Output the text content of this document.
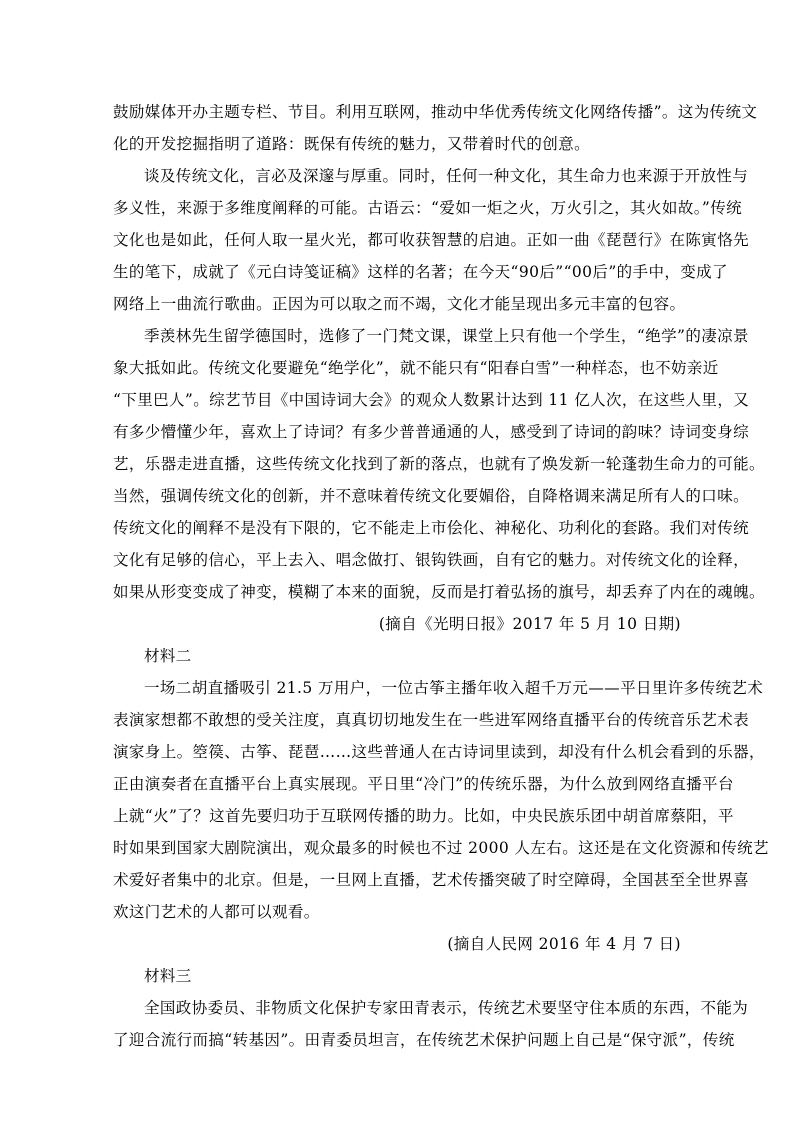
鼓励媒体开办主题专栏、节目。利用互联网，推动中华优秀传统文化网络传播”。这为传统文
化的开发挖掘指明了道路：既保有传统的魅力，又带着时代的创意。
谈及传统文化，言必及深邃与厚重。同时，任何一种文化，其生命力也来源于开放性与
多义性，来源于多维度阐释的可能。古语云：“爱如一炬之火，万火引之，其火如故。”传统
文化也是如此，任何人取一星火光，都可收获智慧的启迪。正如一曲《琵琶行》在陈寅恪先
生的笔下，成就了《元白诗笺证稿》这样的名著；在今天“90后”“00后”的手中，变成了
网络上一曲流行歌曲。正因为可以取之而不竭，文化才能呈现出多元丰富的包容。
季羡林先生留学德国时，选修了一门梵文课，课堂上只有他一个学生，“绝学”的凄凉景
象大抵如此。传统文化要避免“绝学化”，就不能只有“阳春白雪”一种样态，也不妨亲近
“下里巴人”。综艺节目《中国诗词大会》的观众人数累计达到 11 亿人次，在这些人里，又
有多少懵懂少年，喜欢上了诗词？有多少普普通通的人，感受到了诗词的韵味？诗词变身综
艺，乐器走进直播，这些传统文化找到了新的落点，也就有了焕发新一轮蓬勃生命力的可能。
当然，强调传统文化的创新，并不意味着传统文化要媚俗，自降格调来满足所有人的口味。
传统文化的阐释不是没有下限的，它不能走上市侩化、神秘化、功利化的套路。我们对传统
文化有足够的信心，平上去入、唱念做打、银钩铁画，自有它的魅力。对传统文化的诠释，
如果从形变变成了神变，模糊了本来的面貌，反而是打着弘扬的旗号，却丢弃了内在的魂魄。
(摘自《光明日报》2017 年 5 月 10 日期)
材料二
一场二胡直播吸引 21.5 万用户，一位古筝主播年收入超千万元——平日里许多传统艺术
表演家想都不敢想的受关注度，真真切切地发生在一些进军网络直播平台的传统音乐艺术表
演家身上。箜篌、古筝、琵琶……这些普通人在古诗词里读到，却没有什么机会看到的乐器，
正由演奏者在直播平台上真实展现。平日里“冷门”的传统乐器，为什么放到网络直播平台
上就“火”了？这首先要归功于互联网传播的助力。比如，中央民族乐团中胡首席蔡阳，平
时如果到国家大剧院演出，观众最多的时候也不过 2000 人左右。这还是在文化资源和传统艺
术爱好者集中的北京。但是，一旦网上直播，艺术传播突破了时空障碍，全国甚至全世界喜
欢这门艺术的人都可以观看。
(摘自人民网 2016 年 4 月 7 日)
材料三
全国政协委员、非物质文化保护专家田青表示，传统艺术要坚守住本质的东西，不能为
了迎合流行而搞“转基因”。田青委员坦言，在传统艺术保护问题上自己是“保守派”，传统
